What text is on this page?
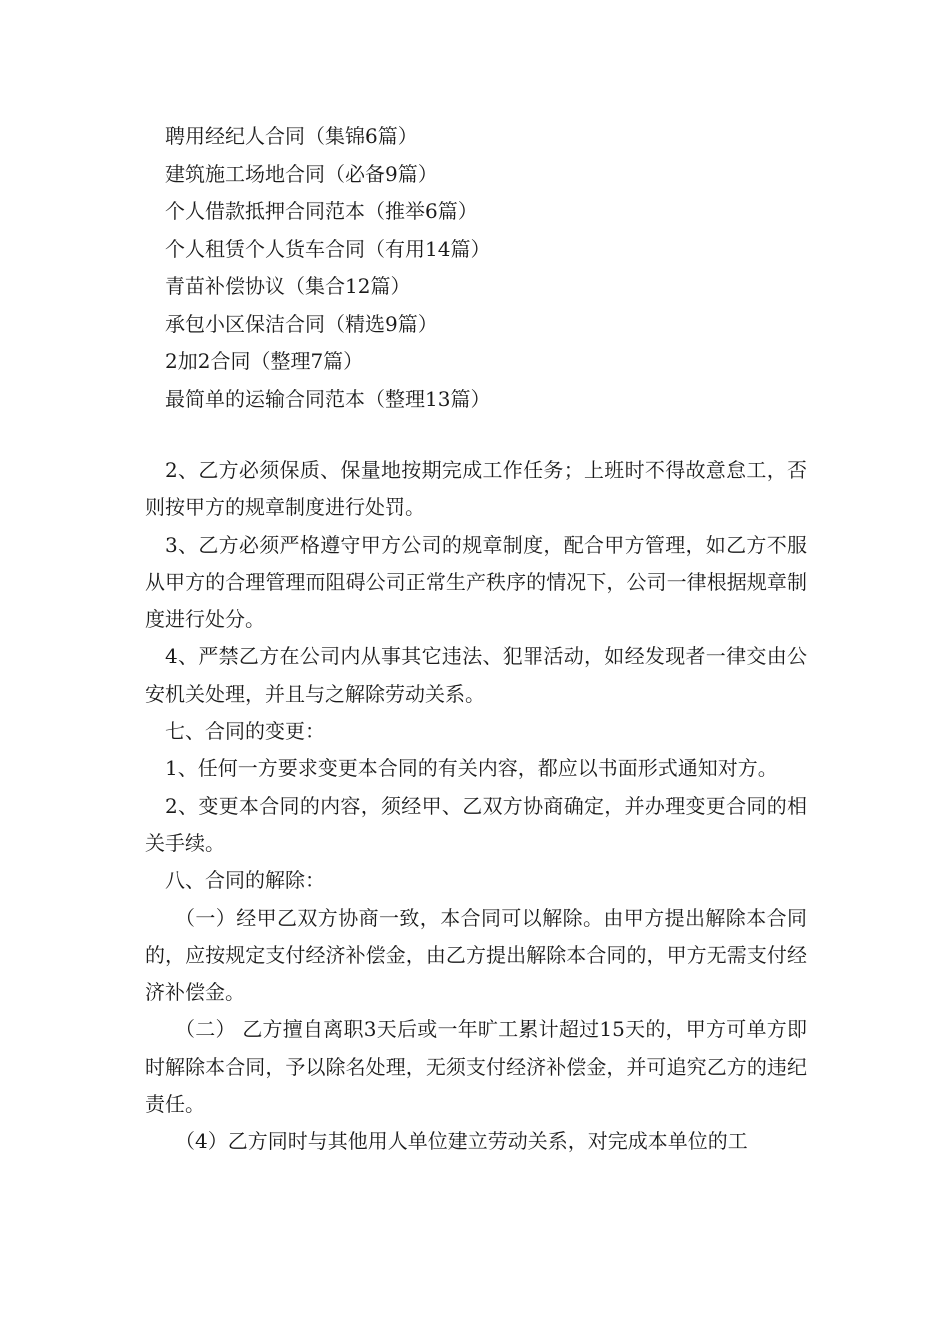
聘用经纪人合同（集锦6篇）
建筑施工场地合同（必备9篇）
个人借款抵押合同范本（推举6篇）
个人租赁个人货车合同（有用14篇）
青苗补偿协议（集合12篇）
承包小区保洁合同（精选9篇）
2加2合同（整理7篇）
最简单的运输合同范本（整理13篇）

2、乙方必须保质、保量地按期完成工作任务；上班时不得故意怠工，否则按甲方的规章制度进行处罚。

3、乙方必须严格遵守甲方公司的规章制度，配合甲方管理，如乙方不服从甲方的合理管理而阻碍公司正常生产秩序的情况下，公司一律根据规章制度进行处分。

4、严禁乙方在公司内从事其它违法、犯罪活动，如经发现者一律交由公安机关处理，并且与之解除劳动关系。

七、合同的变更：

1、任何一方要求变更本合同的有关内容，都应以书面形式通知对方。

2、变更本合同的内容，须经甲、乙双方协商确定，并办理变更合同的相关手续。

八、合同的解除：

（一）经甲乙双方协商一致，本合同可以解除。由甲方提出解除本合同的，应按规定支付经济补偿金，由乙方提出解除本合同的，甲方无需支付经济补偿金。

（二） 乙方擅自离职3天后或一年旷工累计超过15天的，甲方可单方即时解除本合同，予以除名处理，无须支付经济补偿金，并可追究乙方的违纪责任。

（4）乙方同时与其他用人单位建立劳动关系，对完成本单位的工
